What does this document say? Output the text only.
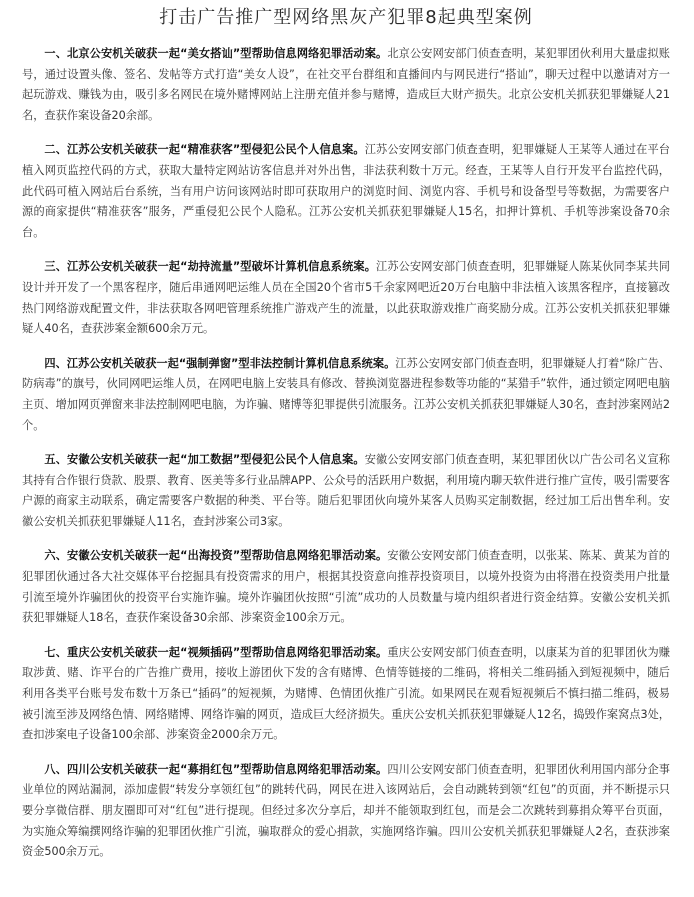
打击广告推广型网络黑灰产犯罪8起典型案例

一、北京公安机关破获一起“美女搭讪”型帮助信息网络犯罪活动案。北京公安网安部门侦查查明，某犯罪团伙利用大量虚拟账号，通过设置头像、签名、发帖等方式打造“美女人设”，在社交平台群组和直播间内与网民进行“搭讪”，聊天过程中以邀请对方一起玩游戏、赚钱为由，吸引多名网民在境外赌博网站上注册充值并参与赌博，造成巨大财产损失。北京公安机关抓获犯罪嫌疑人21名，查获作案设备20余部。

二、江苏公安机关破获一起“精准获客”型侵犯公民个人信息案。江苏公安网安部门侦查查明，犯罪嫌疑人王某等人通过在平台植入网页监控代码的方式，获取大量特定网站访客信息并对外出售，非法获利数十万元。经查，王某等人自行开发平台监控代码，此代码可植入网站后台系统，当有用户访问该网站时即可获取用户的浏览时间、浏览内容、手机号和设备型号等数据，为需要客户源的商家提供“精准获客”服务，严重侵犯公民个人隐私。江苏公安机关抓获犯罪嫌疑人15名，扣押计算机、手机等涉案设备70余台。

三、江苏公安机关破获一起“劫持流量”型破坏计算机信息系统案。江苏公安网安部门侦查查明，犯罪嫌疑人陈某伙同李某共同设计并开发了一个黑客程序，随后串通网吧运维人员在全国20个省市5千余家网吧近20万台电脑中非法植入该黑客程序，直接篡改热门网络游戏配置文件，非法获取各网吧管理系统推广游戏产生的流量，以此获取游戏推广商奖励分成。江苏公安机关抓获犯罪嫌疑人40名，查获涉案金额600余万元。

四、江苏公安机关破获一起“强制弹窗”型非法控制计算机信息系统案。江苏公安网安部门侦查查明，犯罪嫌疑人打着“除广告、防病毒”的旗号，伙同网吧运维人员，在网吧电脑上安装具有修改、替换浏览器进程参数等功能的“某猎手”软件，通过锁定网吧电脑主页、增加网页弹窗来非法控制网吧电脑，为诈骗、赌博等犯罪提供引流服务。江苏公安机关抓获犯罪嫌疑人30名，查封涉案网站2个。

五、安徽公安机关破获一起“加工数据”型侵犯公民个人信息案。安徽公安网安部门侦查查明，某犯罪团伙以广告公司名义宣称其持有合作银行贷款、股票、教育、医美等多行业品牌APP、公众号的活跃用户数据，利用境内聊天软件进行推广宣传，吸引需要客户源的商家主动联系，确定需要客户数据的种类、平台等。随后犯罪团伙向境外某客人员购买定制数据，经过加工后出售牟利。安徽公安机关抓获犯罪嫌疑人11名，查封涉案公司3家。

六、安徽公安机关破获一起“出海投资”型帮助信息网络犯罪活动案。安徽公安网安部门侦查查明，以张某、陈某、黄某为首的犯罪团伙通过各大社交媒体平台挖掘具有投资需求的用户，根据其投资意向推荐投资项目，以境外投资为由将潜在投资类用户批量引流至境外诈骗团伙的投资平台实施诈骗。境外诈骗团伙按照“引流”成功的人员数量与境内组织者进行资金结算。安徽公安机关抓获犯罪嫌疑人18名，查获作案设备30余部、涉案资金100余万元。

七、重庆公安机关破获一起“视频插码”型帮助信息网络犯罪活动案。重庆公安网安部门侦查查明，以康某为首的犯罪团伙为赚取涉黄、赌、诈平台的广告推广费用，接收上游团伙下发的含有赌博、色情等链接的二维码，将相关二维码插入到短视频中，随后利用各类平台账号发布数十万条已“插码”的短视频，为赌博、色情团伙推广引流。如果网民在观看短视频后不慎扫描二维码，极易被引流至涉及网络色情、网络赌博、网络诈骗的网页，造成巨大经济损失。重庆公安机关抓获犯罪嫌疑人12名，捣毁作案窝点3处，查扣涉案电子设备100余部、涉案资金2000余万元。

八、四川公安机关破获一起“募捐红包”型帮助信息网络犯罪活动案。四川公安网安部门侦查查明，犯罪团伙利用国内部分企事业单位的网站漏洞，添加虚假“转发分享领红包”的跳转代码，网民在进入该网站后，会自动跳转到领“红包”的页面，并不断提示只要分享微信群、朋友圈即可对“红包”进行提现。但经过多次分享后，却并不能领取到红包，而是会二次跳转到募捐众筹平台页面，为实施众筹编撰网络诈骗的犯罪团伙推广引流，骗取群众的爱心捐款，实施网络诈骗。四川公安机关抓获犯罪嫌疑人2名，查获涉案资金500余万元。
